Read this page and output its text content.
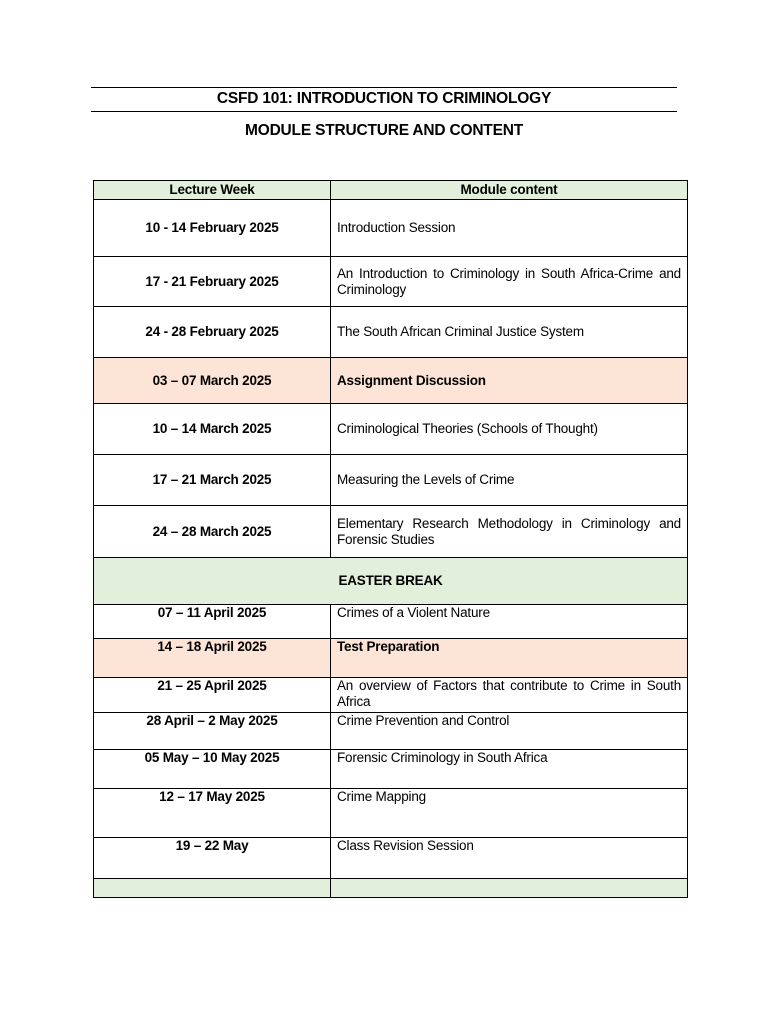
CSFD 101: INTRODUCTION TO CRIMINOLOGY
MODULE STRUCTURE AND CONTENT
Lecture Week	Module content
10 - 14 February 2025	Introduction Session
17 - 21 February 2025	An Introduction to Criminology in South Africa-Crime and Criminology
24 - 28 February 2025	The South African Criminal Justice System
03 – 07 March 2025	Assignment Discussion
10 – 14 March 2025	Criminological Theories (Schools of Thought)
17 – 21 March 2025	Measuring the Levels of Crime
24 – 28 March 2025	Elementary Research Methodology in Criminology and Forensic Studies
EASTER BREAK	
07 – 11 April 2025	Crimes of a Violent Nature
14 – 18 April 2025	Test Preparation
21 – 25 April 2025	An overview of Factors that contribute to Crime in South Africa
28 April – 2 May 2025	Crime Prevention and Control
05 May – 10 May 2025	Forensic Criminology in South Africa
12 – 17 May 2025	Crime Mapping
19 – 22 May	Class Revision Session
